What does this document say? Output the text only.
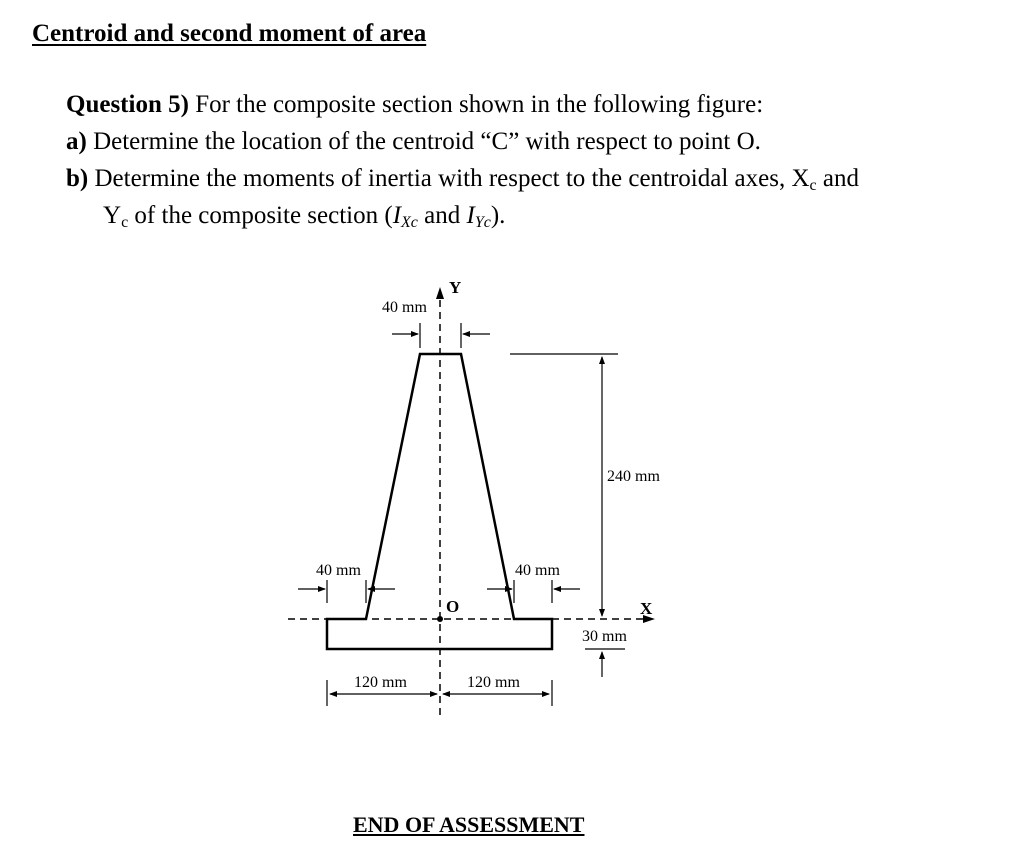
Centroid and second moment of area
Question 5) For the composite section shown in the following figure:
a) Determine the location of the centroid “C” with respect to point O.
b) Determine the moments of inertia with respect to the centroidal axes, Xc and
Yc of the composite section (IXc and IYc).
Y
X
O
40 mm
240 mm
30 mm
40 mm	40 mm
120 mm	120 mm
END OF ASSESSMENT
